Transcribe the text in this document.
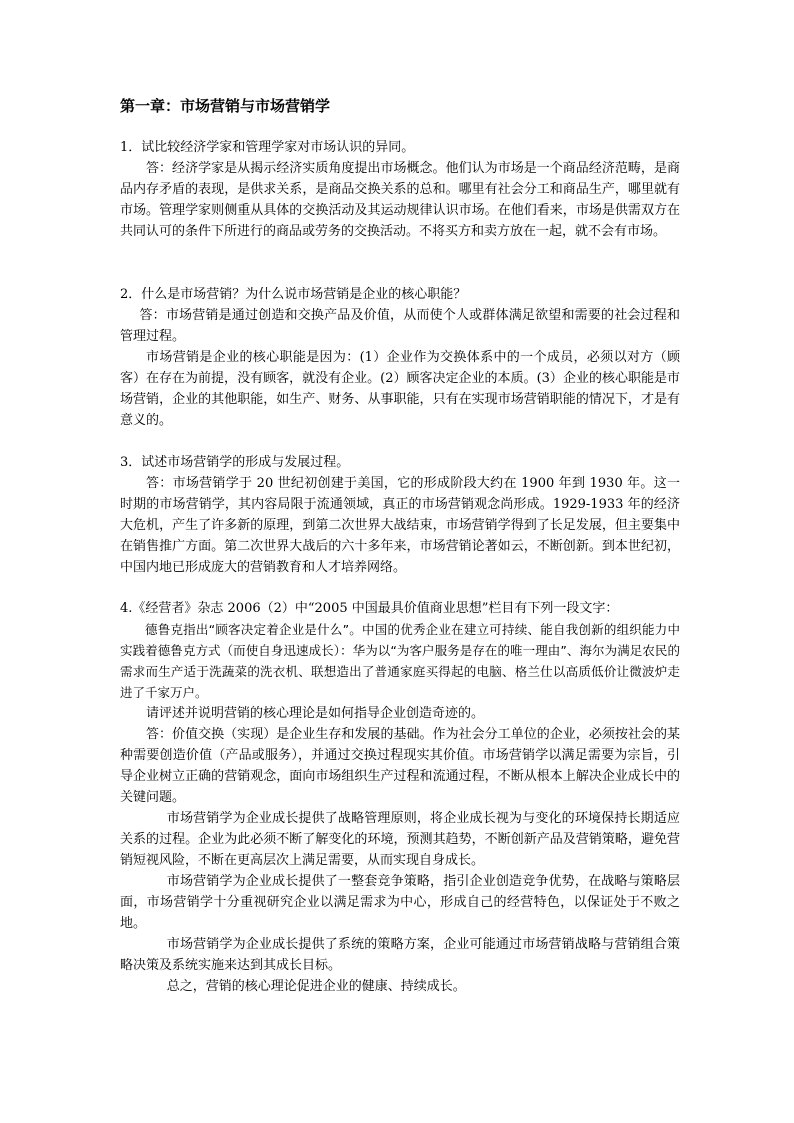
第一章：市场营销与市场营销学

1．试比较经济学家和管理学家对市场认识的异同。

答：经济学家是从揭示经济实质角度提出市场概念。他们认为市场是一个商品经济范畴，是商品内存矛盾的表现，是供求关系，是商品交换关系的总和。哪里有社会分工和商品生产，哪里就有市场。管理学家则侧重从具体的交换活动及其运动规律认识市场。在他们看来，市场是供需双方在共同认可的条件下所进行的商品或劳务的交换活动。不将买方和卖方放在一起，就不会有市场。

2．什么是市场营销？为什么说市场营销是企业的核心职能？

答：市场营销是通过创造和交换产品及价值，从而使个人或群体满足欲望和需要的社会过程和管理过程。

市场营销是企业的核心职能是因为：(1）企业作为交换体系中的一个成员，必须以对方（顾客）在存在为前提，没有顾客，就没有企业。(2）顾客决定企业的本质。(3）企业的核心职能是市场营销，企业的其他职能，如生产、财务、从事职能，只有在实现市场营销职能的情况下，才是有意义的。

3．试述市场营销学的形成与发展过程。

答：市场营销学于 20 世纪初创建于美国，它的形成阶段大约在 1900 年到 1930 年。这一时期的市场营销学，其内容局限于流通领域，真正的市场营销观念尚形成。1929-1933 年的经济大危机，产生了许多新的原理，到第二次世界大战结束，市场营销学得到了长足发展，但主要集中在销售推广方面。第二次世界大战后的六十多年来，市场营销论著如云，不断创新。到本世纪初，中国内地已形成庞大的营销教育和人才培养网络。

4.《经营者》杂志 2006（2）中“2005 中国最具价值商业思想”栏目有下列一段文字：

德鲁克指出“顾客决定着企业是什么”。中国的优秀企业在建立可持续、能自我创新的组织能力中实践着德鲁克方式（而使自身迅速成长）：华为以“为客户服务是存在的唯一理由”、海尔为满足农民的需求而生产适于洗蔬菜的洗衣机、联想造出了普通家庭买得起的电脑、格兰仕以高质低价让微波炉走进了千家万户。

请评述并说明营销的核心理论是如何指导企业创造奇迹的。

答：价值交换（实现）是企业生存和发展的基础。作为社会分工单位的企业，必须按社会的某种需要创造价值（产品或服务），并通过交换过程现实其价值。市场营销学以满足需要为宗旨，引导企业树立正确的营销观念，面向市场组织生产过程和流通过程，不断从根本上解决企业成长中的关键问题。

市场营销学为企业成长提供了战略管理原则，将企业成长视为与变化的环境保持长期适应关系的过程。企业为此必须不断了解变化的环境，预测其趋势，不断创新产品及营销策略，避免营销短视风险，不断在更高层次上满足需要，从而实现自身成长。

市场营销学为企业成长提供了一整套竞争策略，指引企业创造竞争优势，在战略与策略层面，市场营销学十分重视研究企业以满足需求为中心，形成自己的经营特色，以保证处于不败之地。

市场营销学为企业成长提供了系统的策略方案，企业可能通过市场营销战略与营销组合策略决策及系统实施来达到其成长目标。

总之，营销的核心理论促进企业的健康、持续成长。
